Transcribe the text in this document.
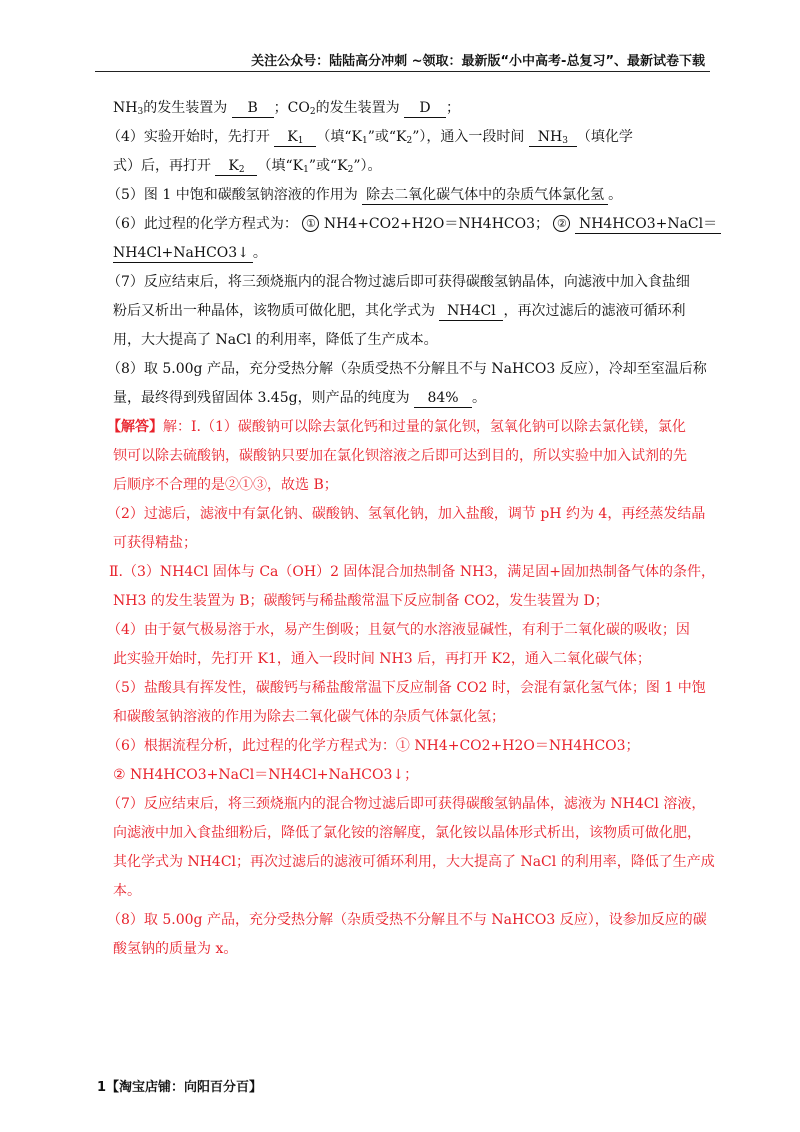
关注公众号：陆陆高分冲刺 ~领取：最新版“小中高考-总复习”、最新试卷下载
$NH_3$的发生装置为 B ；$CO_2$的发生装置为 D ；
（4）实验开始时，先打开 $K_1$ （填“$K_1$”或“$K_2$”），通入一段时间 $NH_3$ （填化学
式）后，再打开 $K_2$ （填“$K_1$”或“$K_2$”）。
（5）图 1 中饱和碳酸氢钠溶液的作用为 除去二氧化碳气体中的杂质气体氯化氢 。
（6）此过程的化学方程式为： ① NH4+CO2+H2O＝NH4HCO3； ② NH4HCO3+NaCl＝
NH4Cl+NaHCO3↓ 。
（7）反应结束后，将三颈烧瓶内的混合物过滤后即可获得碳酸氢钠晶体，向滤液中加入食盐细
粉后又析出一种晶体，该物质可做化肥，其化学式为 NH4Cl ，再次过滤后的滤液可循环利
用，大大提高了 NaCl 的利用率，降低了生产成本。
（8）取 5.00g 产品，充分受热分解（杂质受热不分解且不与 NaHCO3 反应），冷却至室温后称
量，最终得到残留固体 3.45g，则产品的纯度为 84% 。
【解答】解：Ⅰ.（1）碳酸钠可以除去氯化钙和过量的氯化钡，氢氧化钠可以除去氯化镁，氯化
钡可以除去硫酸钠，碳酸钠只要加在氯化钡溶液之后即可达到目的，所以实验中加入试剂的先
后顺序不合理的是②①③，故选 B；
（2）过滤后，滤液中有氯化钠、碳酸钠、氢氧化钠，加入盐酸，调节 pH 约为 4，再经蒸发结晶
可获得精盐；
Ⅱ.（3）NH4Cl 固体与 Ca（OH）2 固体混合加热制备 NH3，满足固+固加热制备气体的条件，
NH3 的发生装置为 B；碳酸钙与稀盐酸常温下反应制备 CO2，发生装置为 D；
（4）由于氨气极易溶于水，易产生倒吸；且氨气的水溶液显碱性，有利于二氧化碳的吸收；因
此实验开始时，先打开 K1，通入一段时间 NH3 后，再打开 K2，通入二氧化碳气体；
（5）盐酸具有挥发性，碳酸钙与稀盐酸常温下反应制备 CO2 时，会混有氯化氢气体；图 1 中饱
和碳酸氢钠溶液的作用为除去二氧化碳气体的杂质气体氯化氢；
（6）根据流程分析，此过程的化学方程式为：① NH4+CO2+H2O＝NH4HCO3；
② NH4HCO3+NaCl＝NH4Cl+NaHCO3↓；
（7）反应结束后，将三颈烧瓶内的混合物过滤后即可获得碳酸氢钠晶体，滤液为 NH4Cl 溶液，
向滤液中加入食盐细粉后，降低了氯化铵的溶解度，氯化铵以晶体形式析出，该物质可做化肥，
其化学式为 NH4Cl；再次过滤后的滤液可循环利用，大大提高了 NaCl 的利用率，降低了生产成
本。
（8）取 5.00g 产品，充分受热分解（杂质受热不分解且不与 NaHCO3 反应），设参加反应的碳
酸氢钠的质量为 x。
1【淘宝店铺：向阳百分百】
